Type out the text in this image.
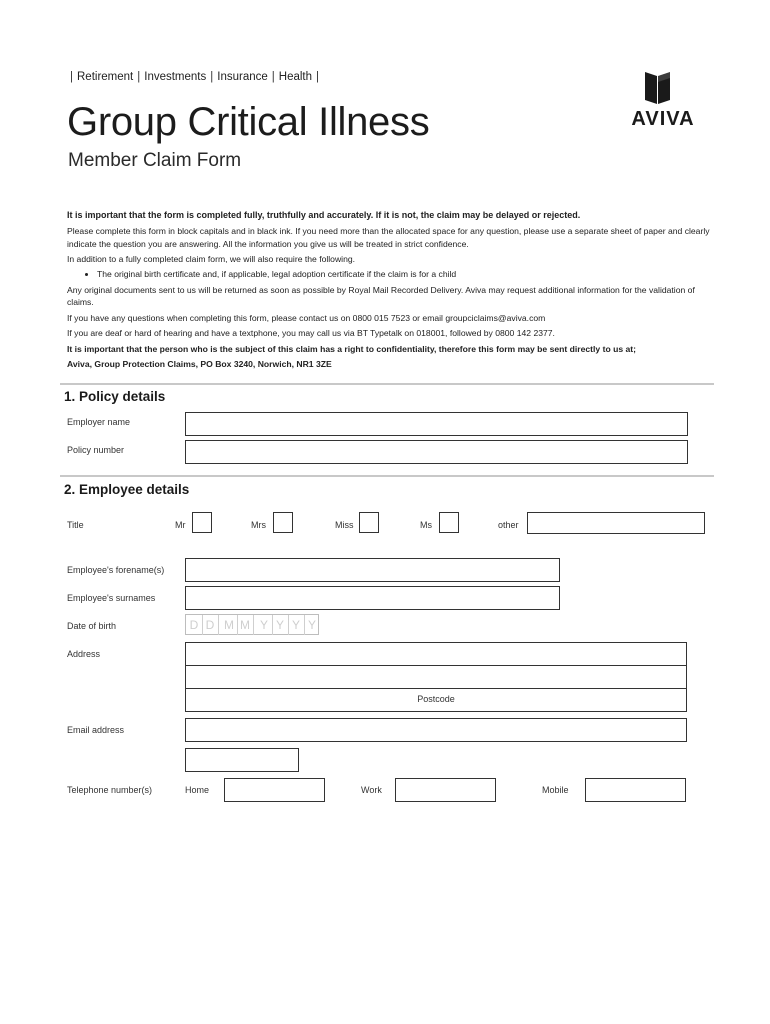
| Retirement | Investments | Insurance | Health |
Group Critical Illness
Member Claim Form
AVIVA

It is important that the form is completed fully, truthfully and accurately. If it is not, the claim may be delayed or rejected.

Please complete this form in block capitals and in black ink. If you need more than the allocated space for any question, please use a separate sheet of paper and clearly indicate the question you are answering. All the information you give us will be treated in strict confidence.

In addition to a fully completed claim form, we will also require the following.

• The original birth certificate and, if applicable, legal adoption certificate if the claim is for a child

Any original documents sent to us will be returned as soon as possible by Royal Mail Recorded Delivery. Aviva may request additional information for the validation of claims.

If you have any questions when completing this form, please contact us on 0800 015 7523 or email groupciclaims@aviva.com

If you are deaf or hard of hearing and have a textphone, you may call us via BT Typetalk on 018001, followed by 0800 142 2377.

It is important that the person who is the subject of this claim has a right to confidentiality, therefore this form may be sent directly to us at;

Aviva, Group Protection Claims, PO Box 3240, Norwich, NR1 3ZE

1. Policy details
Employer name
Policy number
2. Employee details
Title	Mr	Mrs	Miss	Ms	other
Employee's forename(s)
Employee's surnames
Date of birth	D D M M Y Y Y Y
Address
Postcode
Email address
Telephone number(s)	Home	Work	Mobile
